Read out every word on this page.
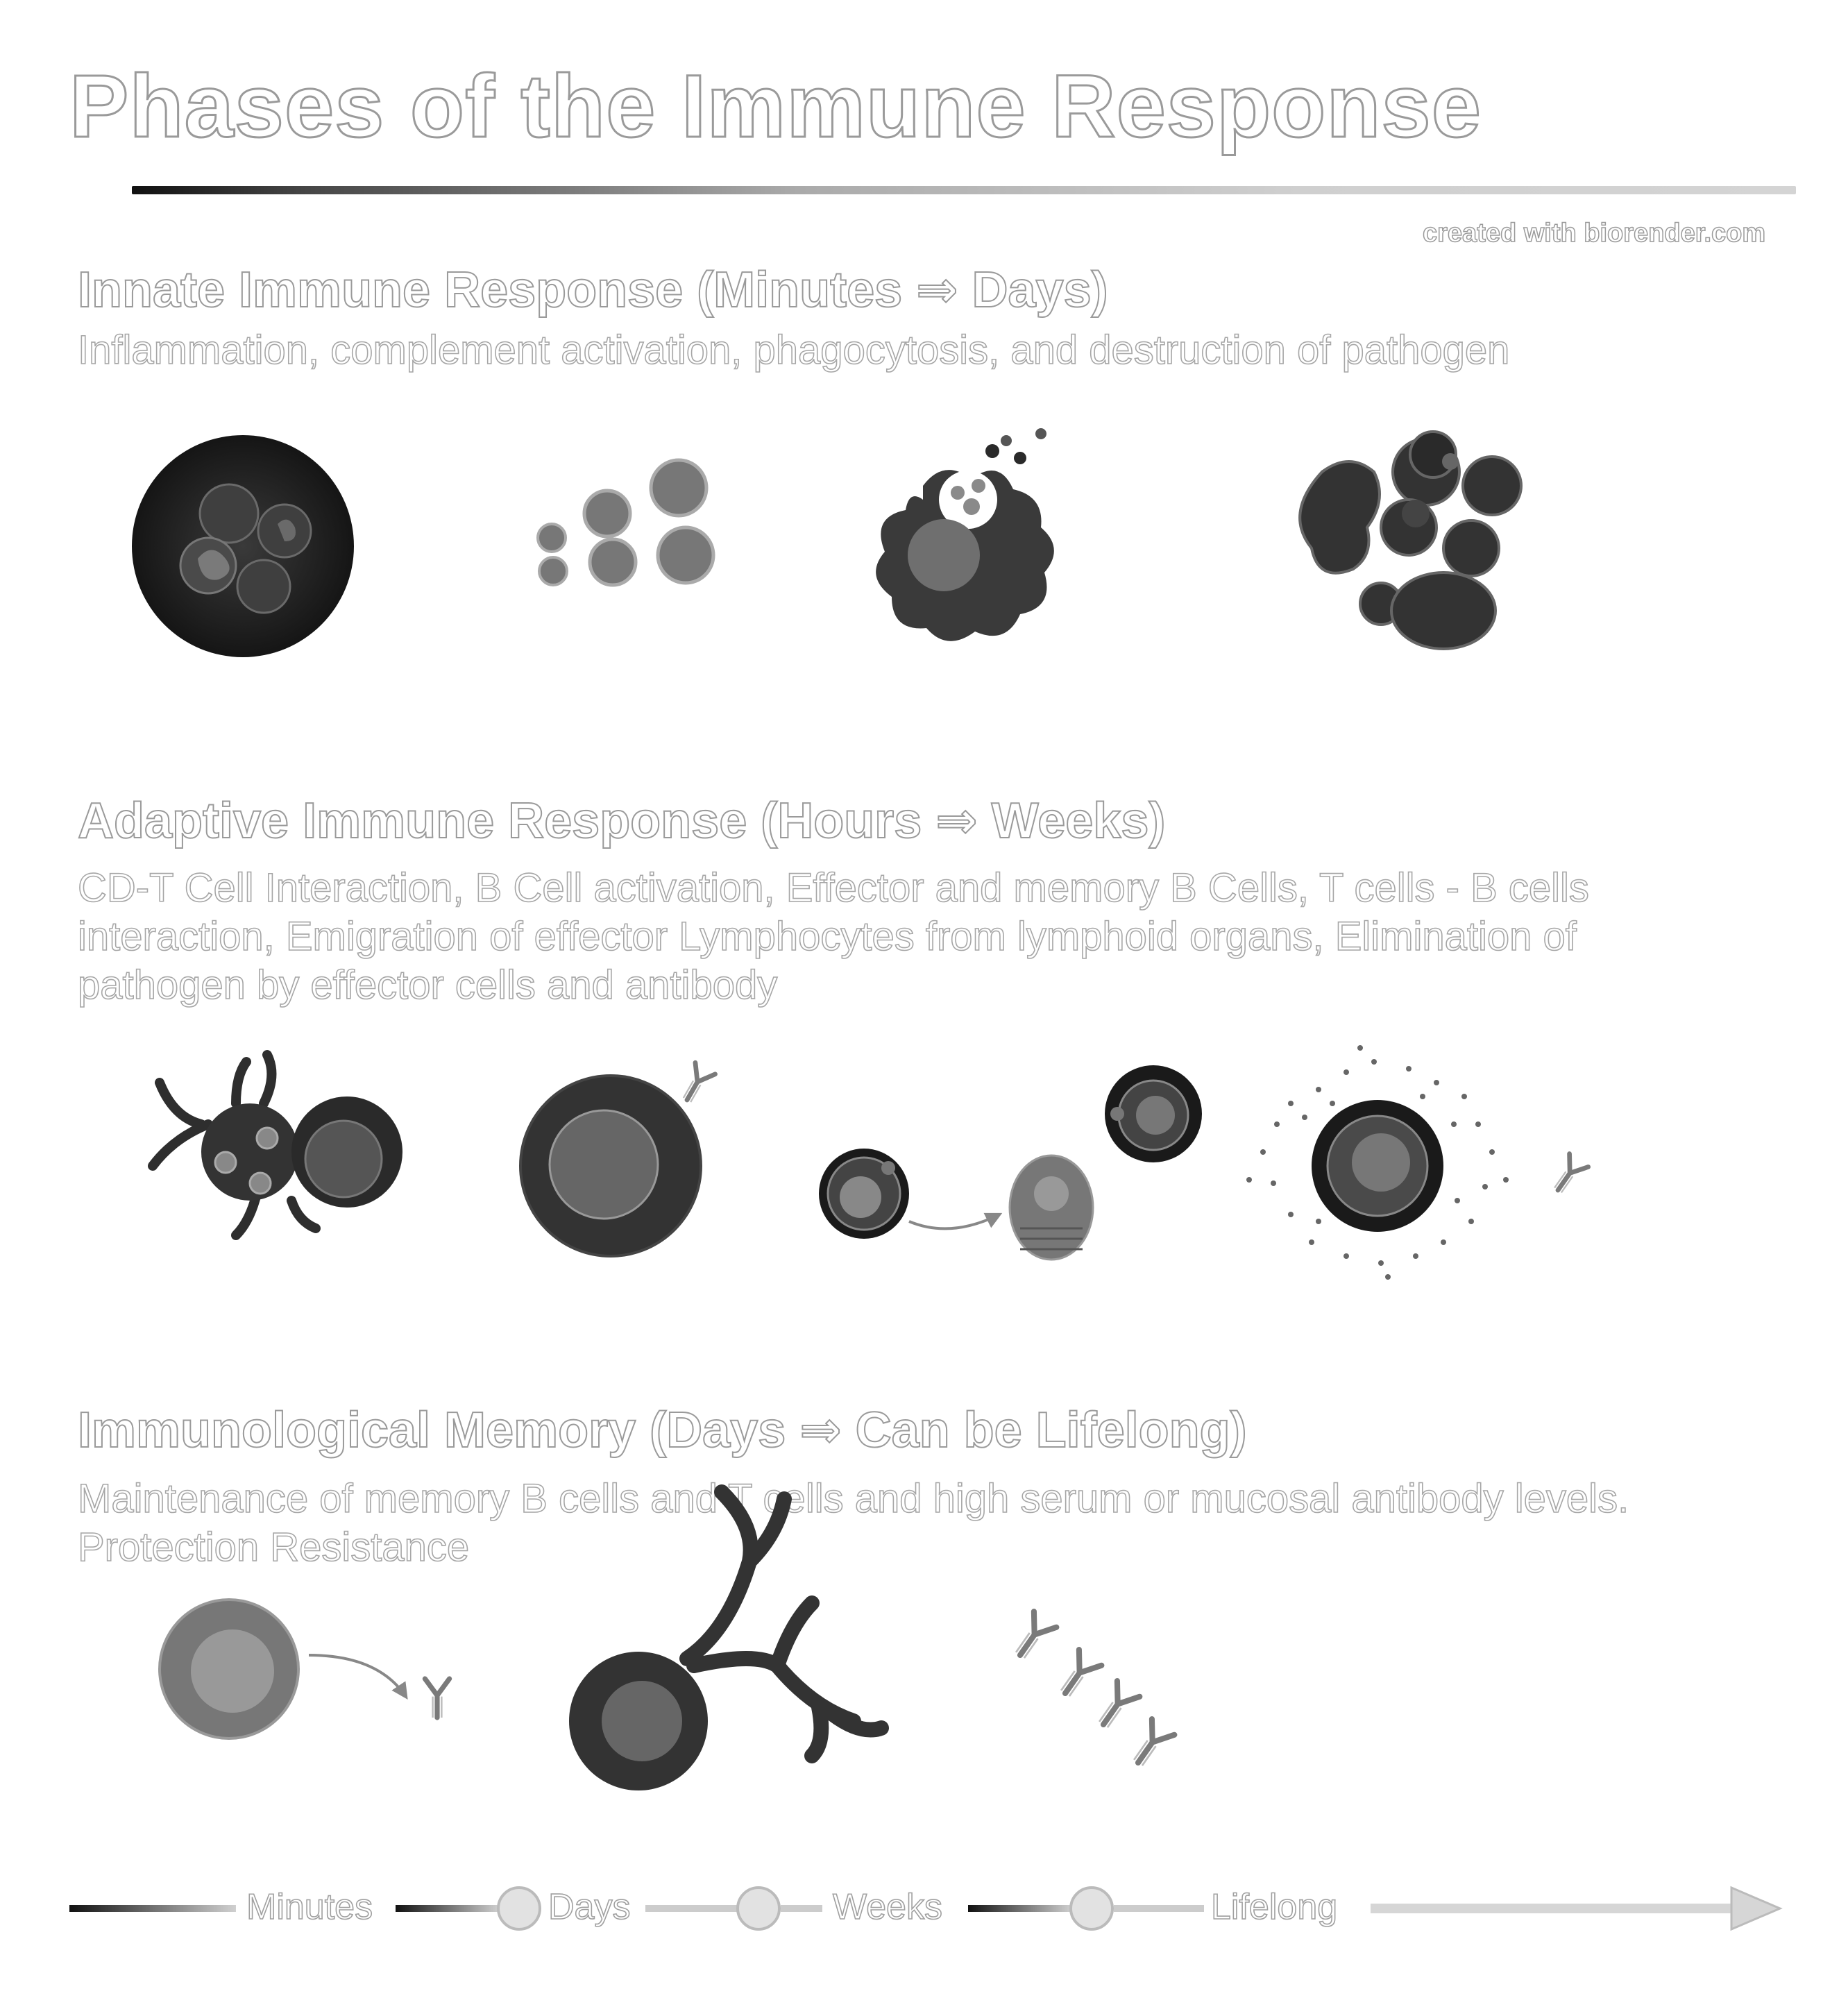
Phases of the Immune Response
created with biorender.com
Innate Immune Response (Minutes ⇒ Days)

Inflammation, complement activation, phagocytosis, and destruction of pathogen

Adaptive Immune Response (Hours ⇒ Weeks)

CD-T Cell Interaction, B Cell activation, Effector and memory B Cells, T cells - B cells interaction, Emigration of effector Lymphocytes from lymphoid organs, Elimination of pathogen by effector cells and antibody

Immunological Memory (Days ⇒ Can be Lifelong)

Maintenance of memory B cells and T cells and high serum or mucosal antibody levels. Protection Resistance

Minutes	Days	Weeks	Lifelong
